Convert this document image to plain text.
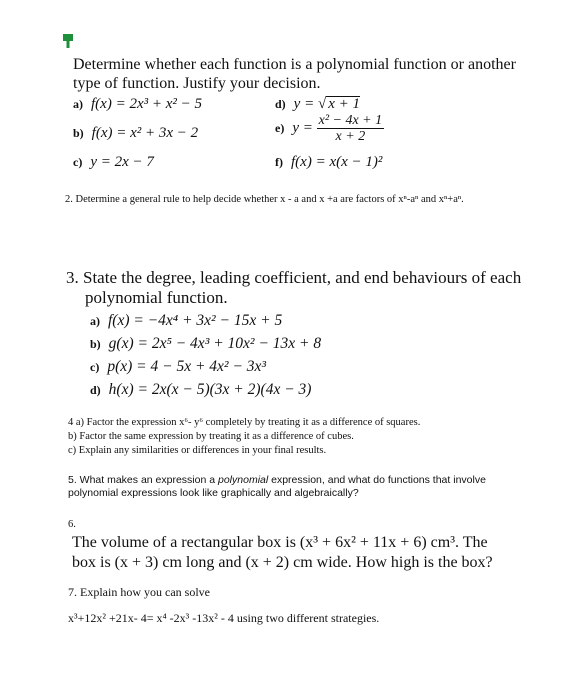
Determine whether each function is a polynomial function or another
type of function. Justify your decision.
a) f(x) = 2x³ + x² − 5
b) f(x) = x² + 3x − 2
c) y = 2x − 7
d) y = √ x + 1
e) $y = \frac{\text{x² − 4x + 1}}{x + 2}$
f) f(x) = x(x − 1)²
2. Determine a general rule to help decide whether x - a and x +a are factors of xⁿ-aⁿ and xⁿ+aⁿ.
3. State the degree, leading coefficient, and end behaviours of each
polynomial function.
a) f(x) = −4x⁴ + 3x² − 15x + 5
b) g(x) = 2x⁵ − 4x³ + 10x² − 13x + 8
c) p(x) = 4 − 5x + 4x² − 3x³
d) h(x) = 2x(x − 5)(3x + 2)(4x − 3)
4 a) Factor the expression x⁶- y⁶ completely by treating it as a difference of squares.
b) Factor the same expression by treating it as a difference of cubes.
c) Explain any similarities or differences in your final results.
5. What makes an expression a polynomial expression, and what do functions that involve
polynomial expressions look like graphically and algebraically?
6.
The volume of a rectangular box is (x³ + 6x² + 11x + 6) cm³. The
box is (x + 3) cm long and (x + 2) cm wide. How high is the box?
7. Explain how you can solve
x³+12x² +21x- 4= x⁴ -2x³ -13x² - 4 using two different strategies.
